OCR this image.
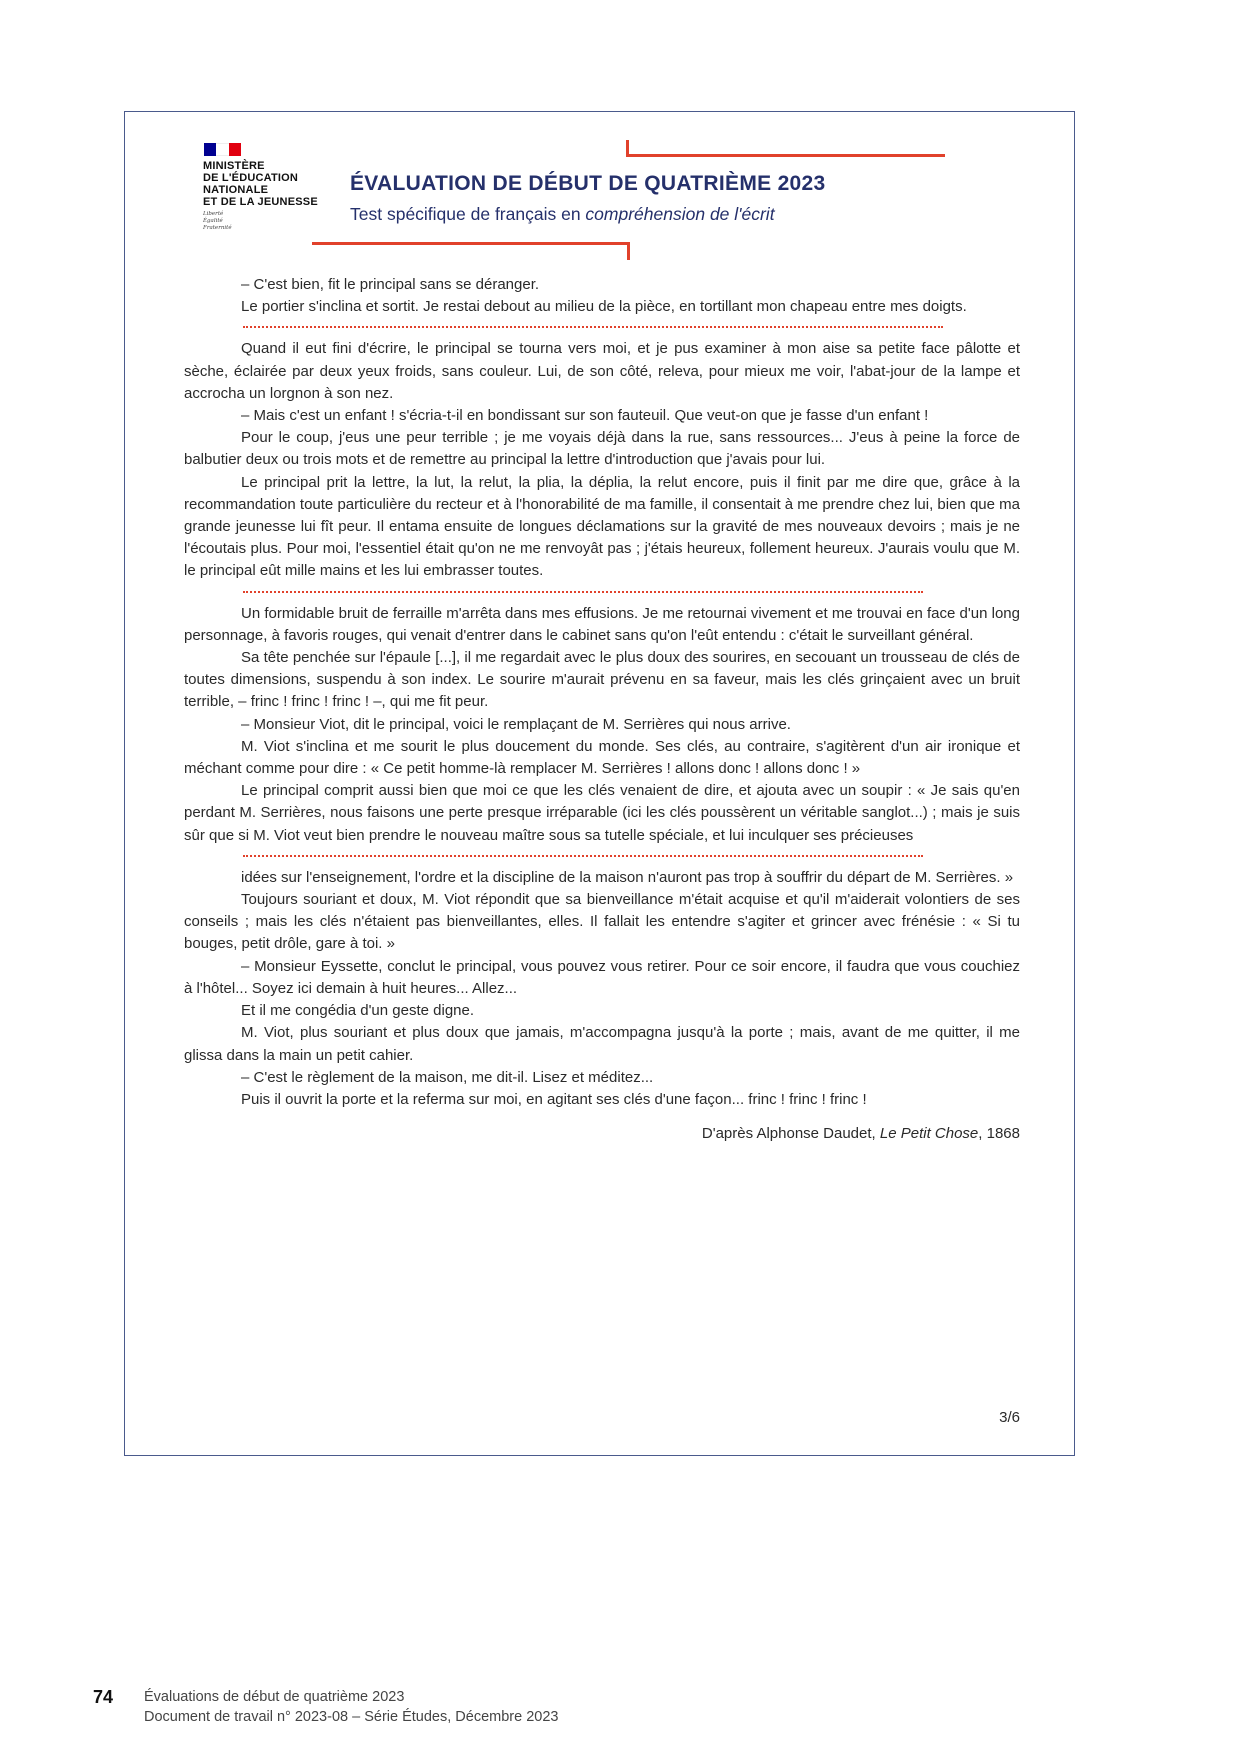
MINISTÈRE
DE L'ÉDUCATION
NATIONALE
ET DE LA JEUNESSE
Liberté
Égalité
Fraternité
ÉVALUATION DE DÉBUT DE QUATRIÈME 2023
Test spécifique de français en compréhension de l'écrit

– C'est bien, fit le principal sans se déranger.

Le portier s'inclina et sortit. Je restai debout au milieu de la pièce, en tortillant mon chapeau entre mes doigts.

Quand il eut fini d'écrire, le principal se tourna vers moi, et je pus examiner à mon aise sa petite face pâlotte et sèche, éclairée par deux yeux froids, sans couleur. Lui, de son côté, releva, pour mieux me voir, l'abat-jour de la lampe et accrocha un lorgnon à son nez.

– Mais c'est un enfant ! s'écria-t-il en bondissant sur son fauteuil. Que veut-on que je fasse d'un enfant !

Pour le coup, j'eus une peur terrible ; je me voyais déjà dans la rue, sans ressources... J'eus à peine la force de balbutier deux ou trois mots et de remettre au principal la lettre d'introduction que j'avais pour lui.

Le principal prit la lettre, la lut, la relut, la plia, la déplia, la relut encore, puis il finit par me dire que, grâce à la recommandation toute particulière du recteur et à l'honorabilité de ma famille, il consentait à me prendre chez lui, bien que ma grande jeunesse lui fît peur. Il entama ensuite de longues déclamations sur la gravité de mes nouveaux devoirs ; mais je ne l'écoutais plus. Pour moi, l'essentiel était qu'on ne me renvoyât pas ; j'étais heureux, follement heureux. J'aurais voulu que M. le principal eût mille mains et les lui embrasser toutes.

Un formidable bruit de ferraille m'arrêta dans mes effusions. Je me retournai vivement et me trouvai en face d'un long personnage, à favoris rouges, qui venait d'entrer dans le cabinet sans qu'on l'eût entendu : c'était le surveillant général.

Sa tête penchée sur l'épaule [...], il me regardait avec le plus doux des sourires, en secouant un trousseau de clés de toutes dimensions, suspendu à son index. Le sourire m'aurait prévenu en sa faveur, mais les clés grinçaient avec un bruit terrible, – frinc ! frinc ! frinc ! –, qui me fit peur.

– Monsieur Viot, dit le principal, voici le remplaçant de M. Serrières qui nous arrive.

M. Viot s'inclina et me sourit le plus doucement du monde. Ses clés, au contraire, s'agitèrent d'un air ironique et méchant comme pour dire : « Ce petit homme-là remplacer M. Serrières ! allons donc ! allons donc ! »

Le principal comprit aussi bien que moi ce que les clés venaient de dire, et ajouta avec un soupir : « Je sais qu'en perdant M. Serrières, nous faisons une perte presque irréparable (ici les clés poussèrent un véritable sanglot...) ; mais je suis sûr que si M. Viot veut bien prendre le nouveau maître sous sa tutelle spéciale, et lui inculquer ses précieuses

idées sur l'enseignement, l'ordre et la discipline de la maison n'auront pas trop à souffrir du départ de M. Serrières. »

Toujours souriant et doux, M. Viot répondit que sa bienveillance m'était acquise et qu'il m'aiderait volontiers de ses conseils ; mais les clés n'étaient pas bienveillantes, elles. Il fallait les entendre s'agiter et grincer avec frénésie : « Si tu bouges, petit drôle, gare à toi. »

– Monsieur Eyssette, conclut le principal, vous pouvez vous retirer. Pour ce soir encore, il faudra que vous couchiez à l'hôtel... Soyez ici demain à huit heures... Allez...

Et il me congédia d'un geste digne.

M. Viot, plus souriant et plus doux que jamais, m'accompagna jusqu'à la porte ; mais, avant de me quitter, il me glissa dans la main un petit cahier.

– C'est le règlement de la maison, me dit-il. Lisez et méditez...

Puis il ouvrit la porte et la referma sur moi, en agitant ses clés d'une façon... frinc ! frinc ! frinc !

D'après Alphonse Daudet, Le Petit Chose, 1868
3/6
74 Évaluations de début de quatrième 2023
Document de travail n° 2023-08 – Série Études, Décembre 2023
